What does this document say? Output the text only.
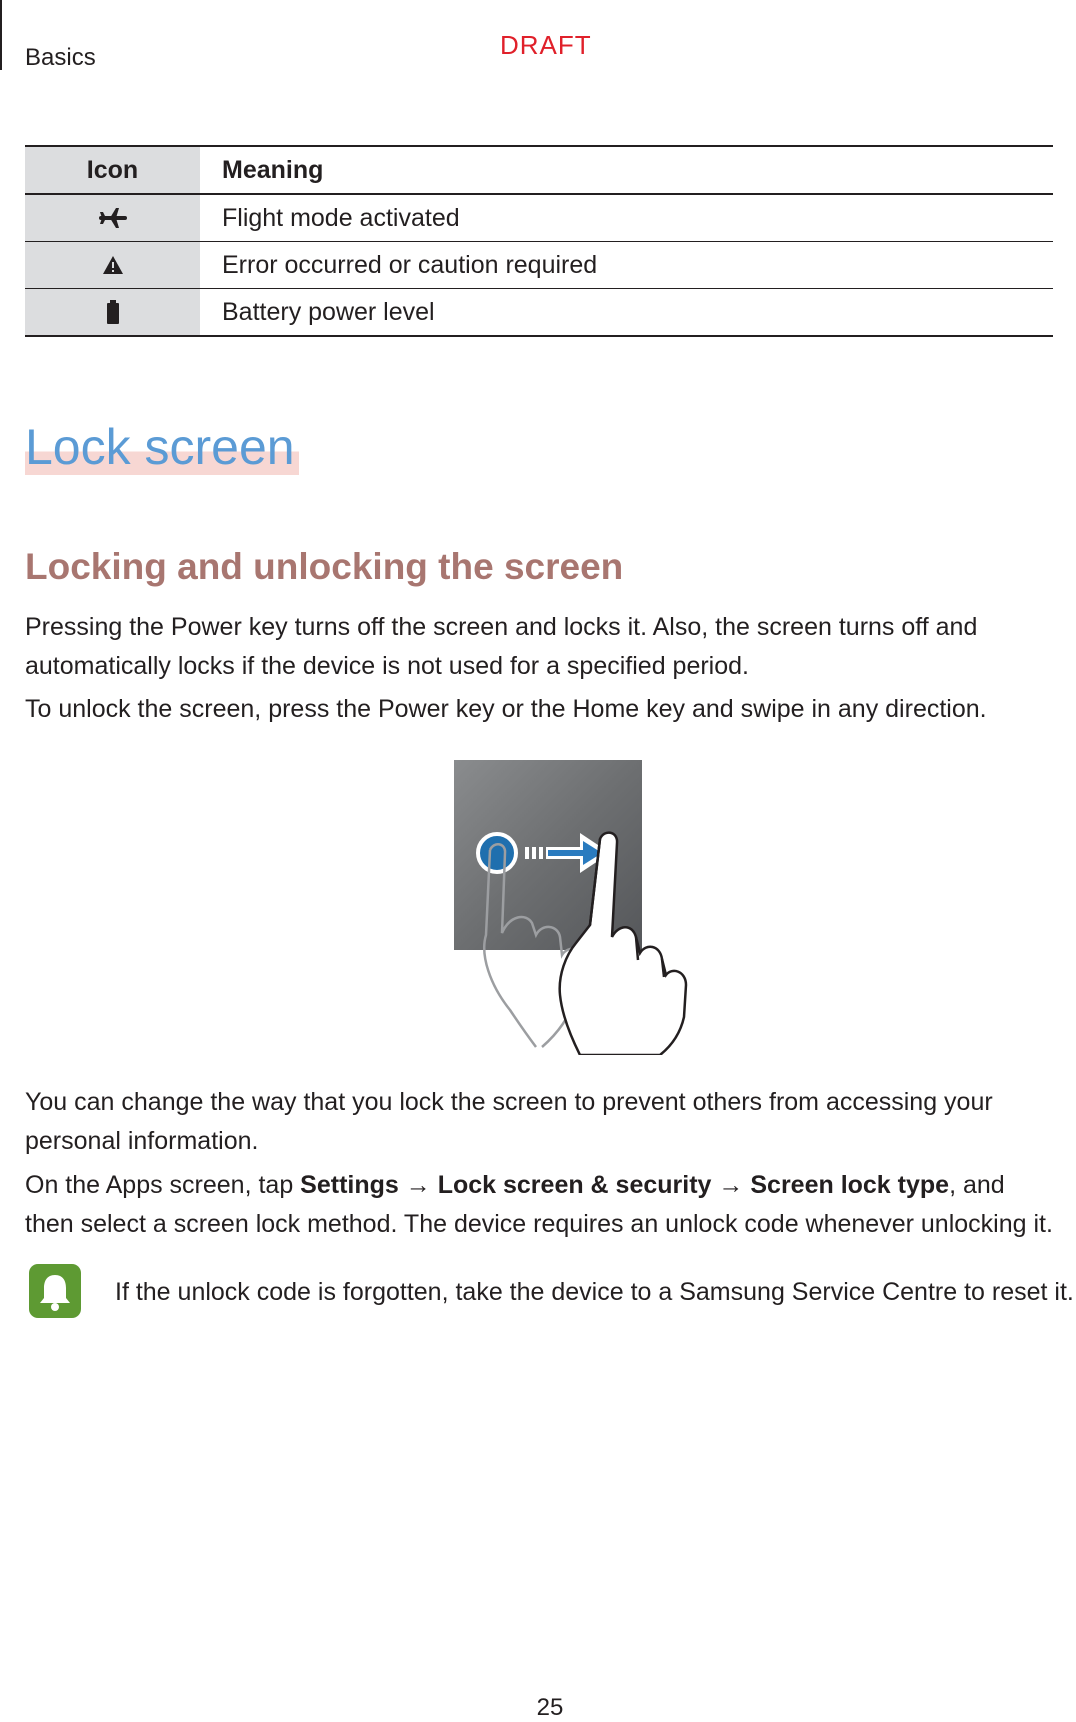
Basics	DRAFT
Icon	Meaning

	Flight mode activated

	Error occurred or caution required

	Battery power level
Lock screen
Locking and unlocking the screen

Pressing the Power key turns off the screen and locks it. Also, the screen turns off and automatically locks if the device is not used for a specified period.

To unlock the screen, press the Power key or the Home key and swipe in any direction.

You can change the way that you lock the screen to prevent others from accessing your personal information.

On the Apps screen, tap Settings → Lock screen & security → Screen lock type, and then select a screen lock method. The device requires an unlock code whenever unlocking it.

If the unlock code is forgotten, take the device to a Samsung Service Centre to reset it.

25
